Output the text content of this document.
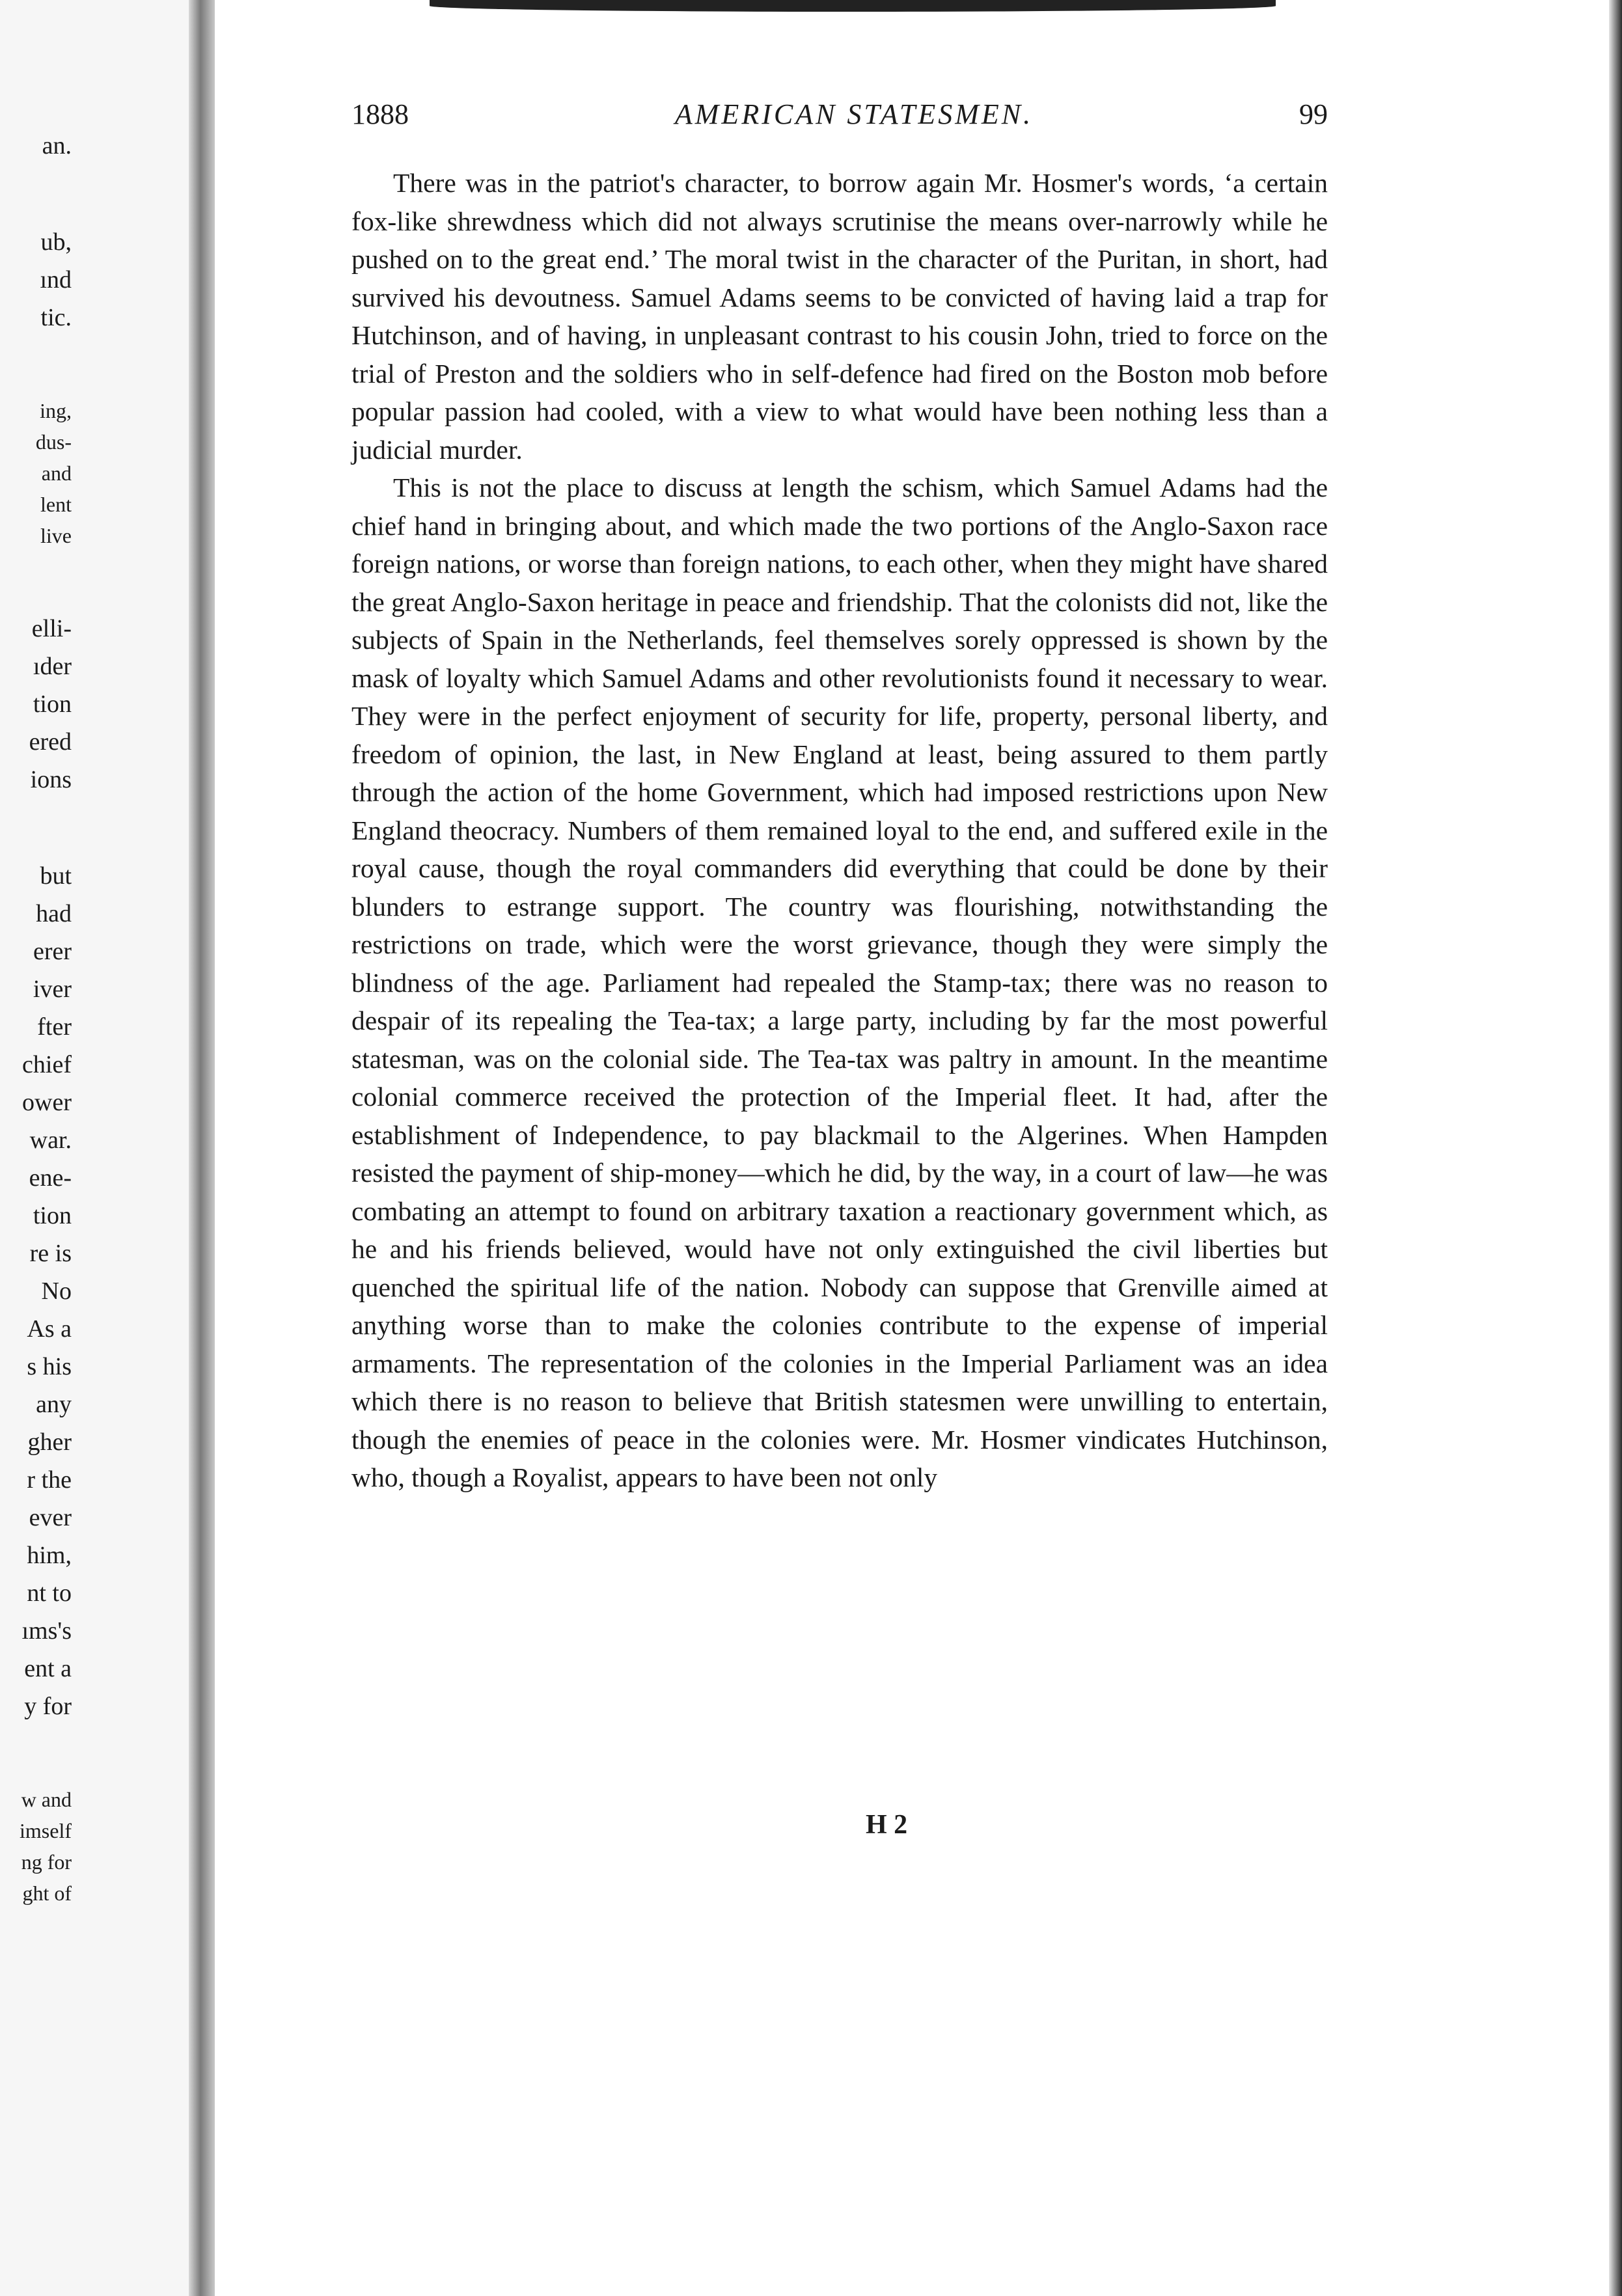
an.
ub,
ınd
tic.
ing,
dus-
and
lent
live
elli-
ıder
tion
ered
ions
but
had
erer
iver
fter
chief
ower
war.
ene-
tion
re is
No
As a
s his
any
gher
r the
ever
him,
nt to
ıms's
ent a
y for
w and
imself
ng for
ght of
1888	AMERICAN STATESMEN.	99

There was in the patriot's character, to borrow again Mr. Hosmer's words, ‘a certain fox-like shrewdness which did not always scrutinise the means over-narrowly while he pushed on to the great end.’ The moral twist in the character of the Puritan, in short, had survived his devoutness. Samuel Adams seems to be convicted of having laid a trap for Hutchinson, and of having, in unpleasant contrast to his cousin John, tried to force on the trial of Preston and the soldiers who in self-defence had fired on the Boston mob before popular passion had cooled, with a view to what would have been nothing less than a judicial murder.

This is not the place to discuss at length the schism, which Samuel Adams had the chief hand in bringing about, and which made the two portions of the Anglo-Saxon race foreign nations, or worse than foreign nations, to each other, when they might have shared the great Anglo-Saxon heritage in peace and friendship. That the colonists did not, like the subjects of Spain in the Netherlands, feel themselves sorely oppressed is shown by the mask of loyalty which Samuel Adams and other revolutionists found it necessary to wear. They were in the perfect enjoyment of security for life, property, personal liberty, and freedom of opinion, the last, in New England at least, being assured to them partly through the action of the home Government, which had imposed restrictions upon New England theocracy. Numbers of them remained loyal to the end, and suffered exile in the royal cause, though the royal commanders did everything that could be done by their blunders to estrange support. The country was flourishing, notwithstanding the restrictions on trade, which were the worst grievance, though they were simply the blindness of the age. Parliament had repealed the Stamp-tax; there was no reason to despair of its repealing the Tea-tax; a large party, including by far the most powerful statesman, was on the colonial side. The Tea-tax was paltry in amount. In the meantime colonial commerce received the protection of the Imperial fleet. It had, after the establishment of Independence, to pay blackmail to the Algerines. When Hampden resisted the payment of ship-money—which he did, by the way, in a court of law—he was combating an attempt to found on arbitrary taxation a reactionary government which, as he and his friends believed, would have not only extinguished the civil liberties but quenched the spiritual life of the nation. Nobody can suppose that Grenville aimed at anything worse than to make the colonies contribute to the expense of imperial armaments. The representation of the colonies in the Imperial Parliament was an idea which there is no reason to believe that British statesmen were unwilling to entertain, though the enemies of peace in the colonies were. Mr. Hosmer vindicates Hutchinson, who, though a Royalist, appears to have been not only

H 2
